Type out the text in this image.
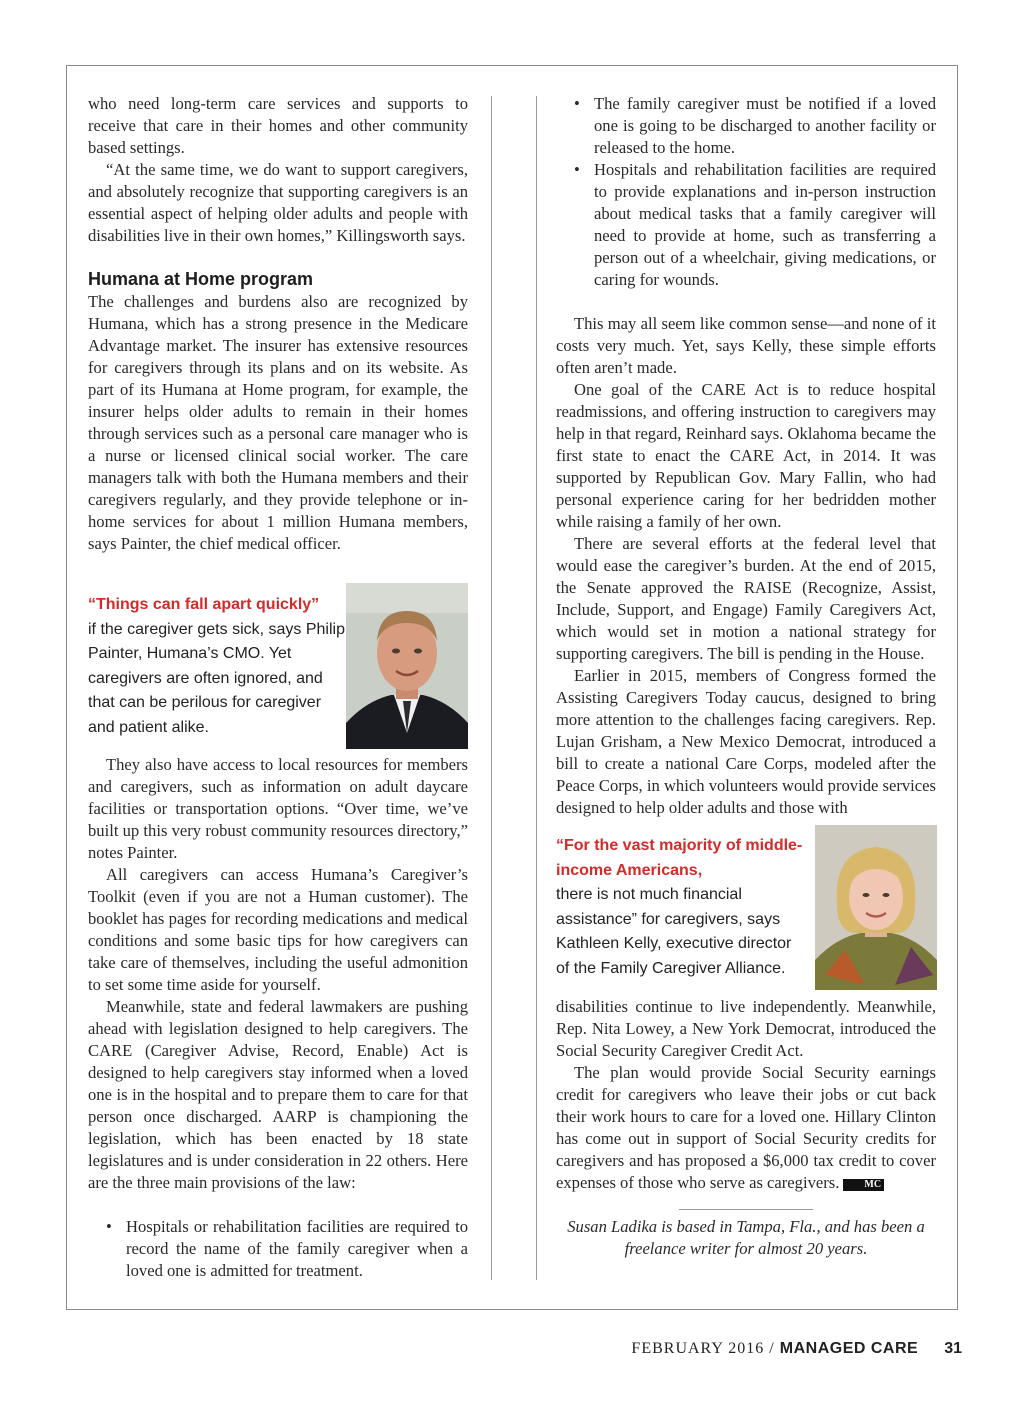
who need long-term care services and supports to receive that care in their homes and other community based settings.

“At the same time, we do want to support caregivers, and absolutely recognize that supporting caregivers is an essential aspect of helping older adults and people with disabilities live in their own homes,” Killingsworth says.

Humana at Home program

The challenges and burdens also are recognized by Humana, which has a strong presence in the Medicare Advantage market. The insurer has extensive resources for caregivers through its plans and on its website. As part of its Humana at Home program, for example, the insurer helps older adults to remain in their homes through services such as a personal care manager who is a nurse or licensed clinical social worker. The care managers talk with both the Humana members and their caregivers regularly, and they provide telephone or in-home services for about 1 million Humana members, says Painter, the chief medical officer.

“Things can fall apart quickly”
if the caregiver gets sick, says Philip Painter, Humana’s CMO. Yet caregivers are often ignored, and that can be perilous for caregiver and patient alike.

They also have access to local resources for members and caregivers, such as information on adult daycare facilities or transportation options. “Over time, we’ve built up this very robust community resources directory,” notes Painter.

All caregivers can access Humana’s Caregiver’s Toolkit (even if you are not a Human customer). The booklet has pages for recording medications and medical conditions and some basic tips for how caregivers can take care of themselves, including the useful admonition to set some time aside for yourself.

Meanwhile, state and federal lawmakers are pushing ahead with legislation designed to help caregivers. The CARE (Caregiver Advise, Record, Enable) Act is designed to help caregivers stay informed when a loved one is in the hospital and to prepare them to care for that person once discharged. AARP is championing the legislation, which has been enacted by 18 state legislatures and is under consideration in 22 others. Here are the three main provisions of the law:

• Hospitals or rehabilitation facilities are required to record the name of the family caregiver when a loved one is admitted for treatment.
• The family caregiver must be notified if a loved one is going to be discharged to another facility or released to the home.
• Hospitals and rehabilitation facilities are required to provide explanations and in-person instruction about medical tasks that a family caregiver will need to provide at home, such as transferring a person out of a wheelchair, giving medications, or caring for wounds.

This may all seem like common sense—and none of it costs very much. Yet, says Kelly, these simple efforts often aren’t made.

One goal of the CARE Act is to reduce hospital readmissions, and offering instruction to caregivers may help in that regard, Reinhard says. Oklahoma became the first state to enact the CARE Act, in 2014. It was supported by Republican Gov. Mary Fallin, who had personal experience caring for her bedridden mother while raising a family of her own.

There are several efforts at the federal level that would ease the caregiver’s burden. At the end of 2015, the Senate approved the RAISE (Recognize, Assist, Include, Support, and Engage) Family Caregivers Act, which would set in motion a national strategy for supporting caregivers. The bill is pending in the House.

Earlier in 2015, members of Congress formed the Assisting Caregivers Today caucus, designed to bring more attention to the challenges facing caregivers. Rep. Lujan Grisham, a New Mexico Democrat, introduced a bill to create a national Care Corps, modeled after the Peace Corps, in which volunteers would provide services designed to help older adults and those with

“For the vast majority of middle-income Americans,
there is not much financial assistance” for caregivers, says Kathleen Kelly, executive director of the Family Caregiver Alliance.

disabilities continue to live independently. Meanwhile, Rep. Nita Lowey, a New York Democrat, introduced the Social Security Caregiver Credit Act.

The plan would provide Social Security earnings credit for caregivers who leave their jobs or cut back their work hours to care for a loved one. Hillary Clinton has come out in support of Social Security credits for caregivers and has proposed a $6,000 tax credit to cover expenses of those who serve as caregivers.	MC

Susan Ladika is based in Tampa, Fla., and has been a freelance writer for almost 20 years.
FEBRUARY 2016 / MANAGED CARE 31
